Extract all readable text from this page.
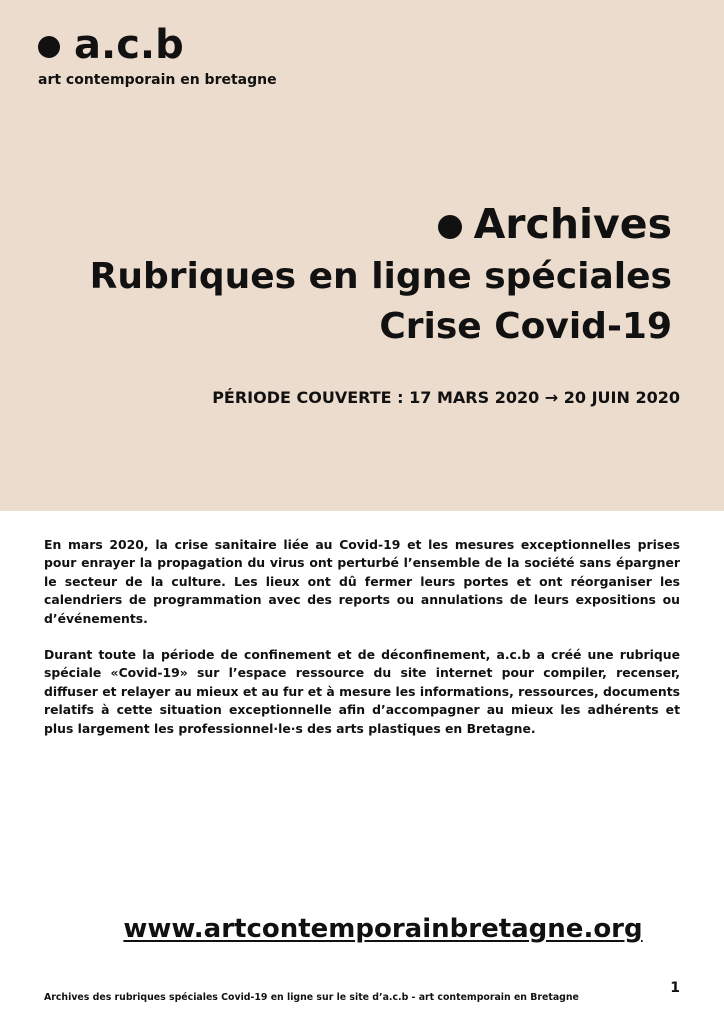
a.c.b
art contemporain en bretagne
Archives
Rubriques en ligne spéciales
Crise Covid-19
PÉRIODE COUVERTE : 17 MARS 2020 → 20 JUIN 2020

En mars 2020, la crise sanitaire liée au Covid-19 et les mesures exceptionnelles prises pour enrayer la propagation du virus ont perturbé l’ensemble de la société sans épargner le secteur de la culture. Les lieux ont dû fermer leurs portes et ont réorganiser les calendriers de programmation avec des reports ou annulations de leurs expositions ou d’événements.

Durant toute la période de confinement et de déconfinement, a.c.b a créé une rubrique spéciale «Covid-19» sur l’espace ressource du site internet pour compiler, recenser, diffuser et relayer au mieux et au fur et à mesure les informations, ressources, documents relatifs à cette situation exceptionnelle afin d’accompagner au mieux les adhérents et plus largement les professionnel·le·s des arts plastiques en Bretagne.

www.artcontemporainbretagne.org
Archives des rubriques spéciales Covid-19 en ligne sur le site d’a.c.b - art contemporain en Bretagne
1
